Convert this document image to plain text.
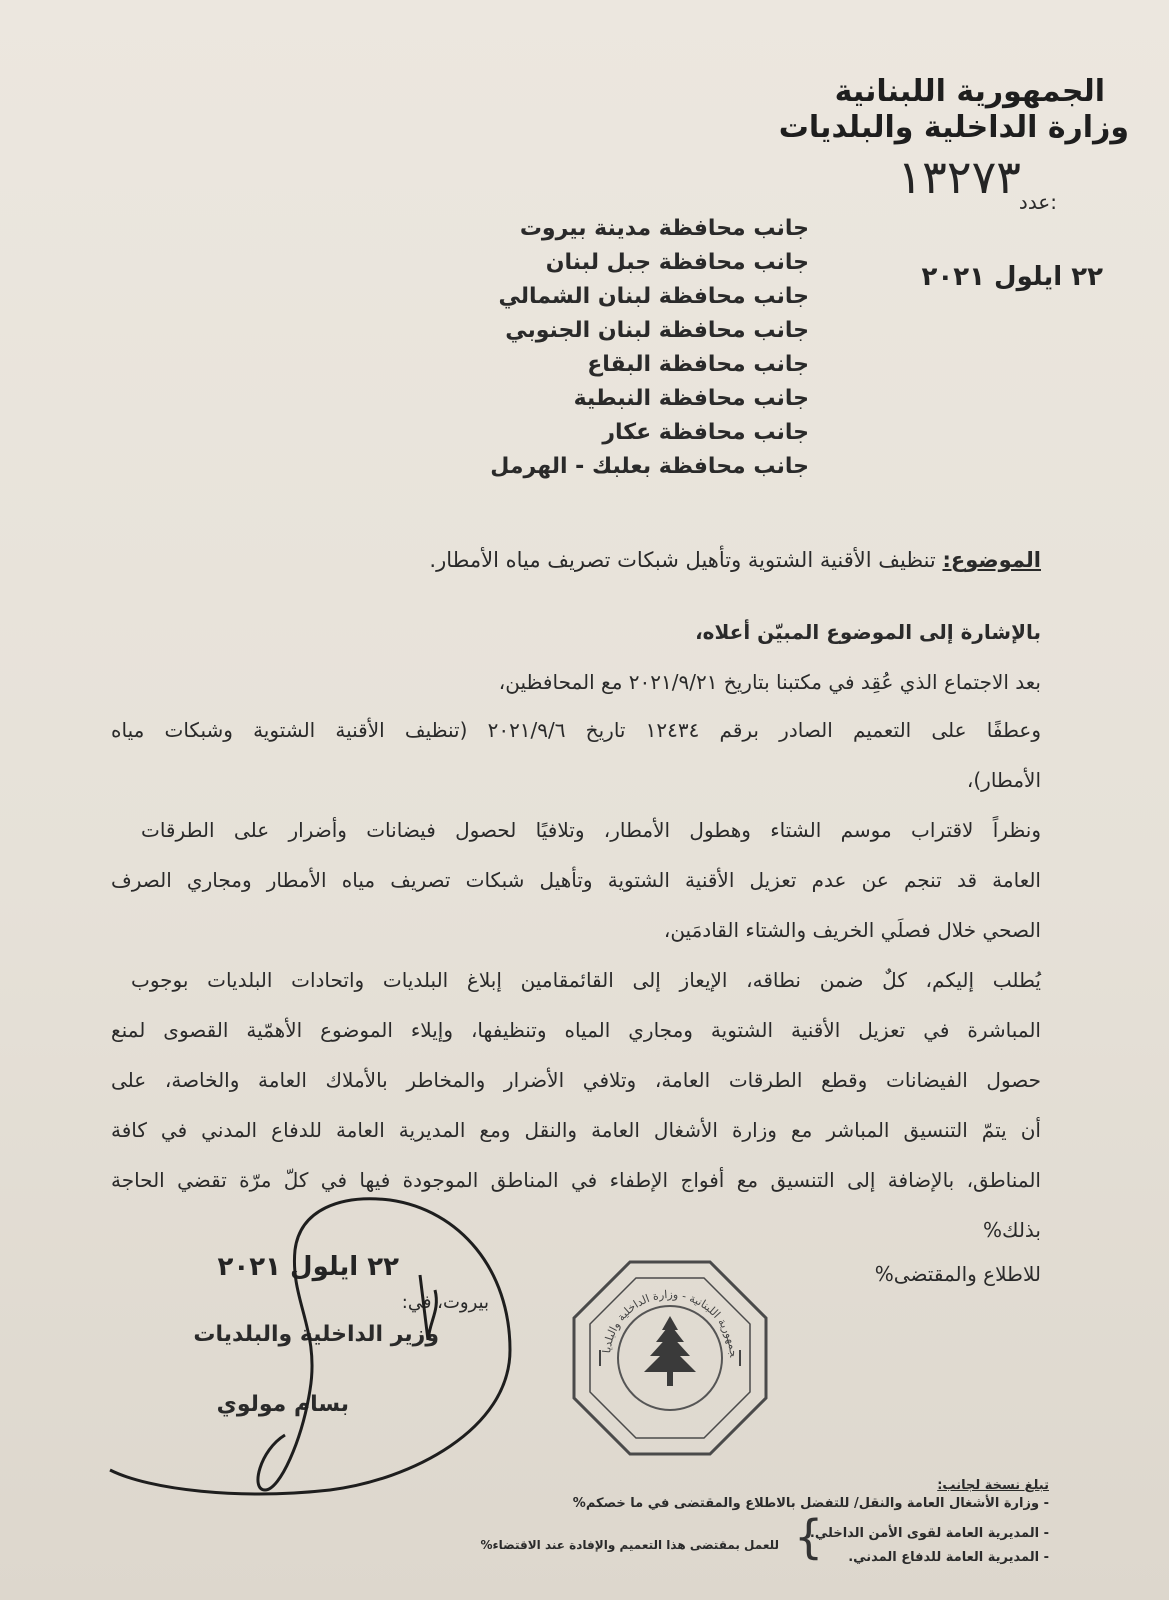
الجمهورية اللبنانية
وزارة الداخلية والبلديات
عدد:
١٣٢٧٣
٢٢ ايلول ٢٠٢١
جانب محافظة مدينة بيروت
جانب محافظة جبل لبنان
جانب محافظة لبنان الشمالي
جانب محافظة لبنان الجنوبي
جانب محافظة البقاع
جانب محافظة النبطية
جانب محافظة عكار
جانب محافظة بعلبك - الهرمل
الموضوع: تنظيف الأقنية الشتوية وتأهيل شبكات تصريف مياه الأمطار.
بالإشارة إلى الموضوع المبيّن أعلاه،
بعد الاجتماع الذي عُقِد في مكتبنا بتاريخ ٢٠٢١/٩/٢١ مع المحافظين،
وعطفًا على التعميم الصادر برقم ١٢٤٣٤ تاريخ ٢٠٢١/٩/٦ (تنظيف الأقنية الشتوية وشبكات مياه
الأمطار)،
ونظراً لاقتراب موسم الشتاء وهطول الأمطار، وتلافيًا لحصول فيضانات وأضرار على الطرقات
العامة قد تنجم عن عدم تعزيل الأقنية الشتوية وتأهيل شبكات تصريف مياه الأمطار ومجاري الصرف
الصحي خلال فصلَي الخريف والشتاء القادمَين،
يُطلب إليكم، كلٌ ضمن نطاقه، الإيعاز إلى القائمقامين إبلاغ البلديات واتحادات البلديات بوجوب
المباشرة في تعزيل الأقنية الشتوية ومجاري المياه وتنظيفها، وإيلاء الموضوع الأهمّية القصوى لمنع
حصول الفيضانات وقطع الطرقات العامة، وتلافي الأضرار والمخاطر بالأملاك العامة والخاصة، على
أن يتمّ التنسيق المباشر مع وزارة الأشغال العامة والنقل ومع المديرية العامة للدفاع المدني في كافة
المناطق، بالإضافة إلى التنسيق مع أفواج الإطفاء في المناطق الموجودة فيها في كلّ مرّة تقضي الحاجة
بذلك%
للاطلاع والمقتضى%
٢٢ ايلول ٢٠٢١
بيروت، في:
وزير الداخلية والبلديات
بسام مولوي
جمهورية اللبنانية - وزارة الداخلية والبلديا
تبلغ نسخة لجانب:
- وزارة الأشغال العامة والنقل/ للتفضل بالاطلاع والمقتضى في ما خصكم%
- المديرية العامة لقوى الأمن الداخلي.
- المديرية العامة للدفاع المدني.
{
للعمل بمقتضى هذا التعميم والإفادة عند الاقتضاء%
